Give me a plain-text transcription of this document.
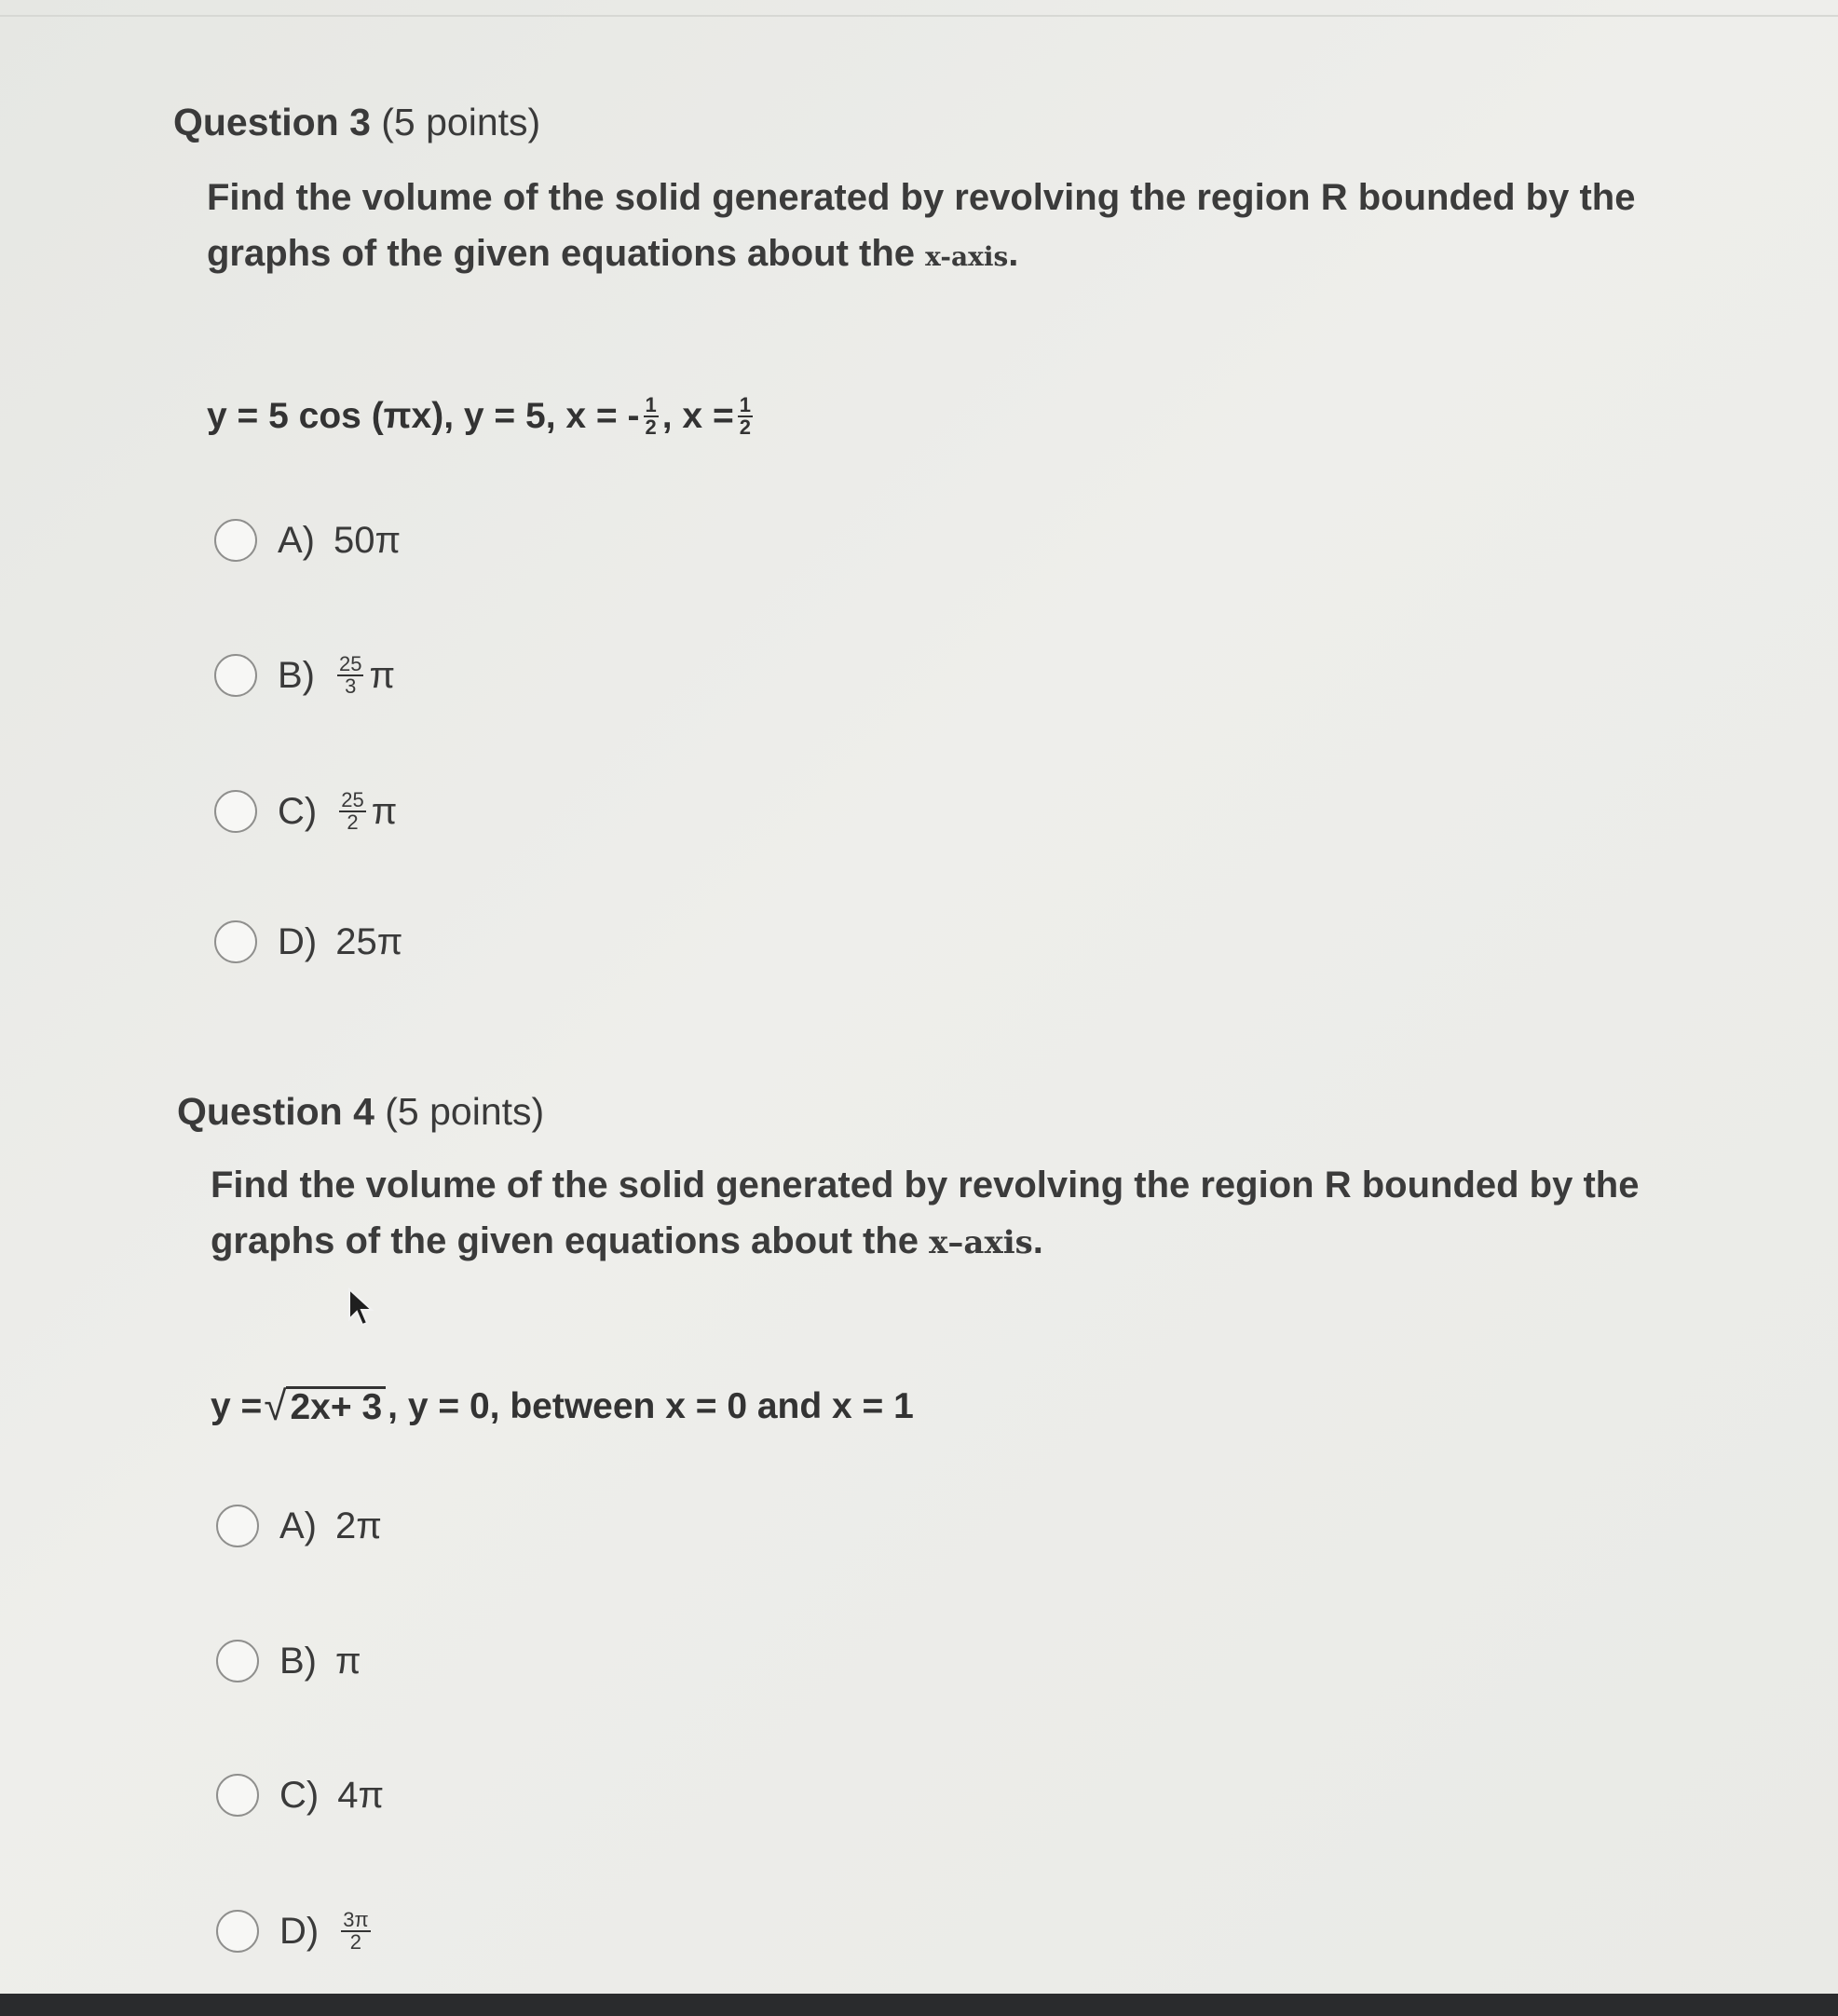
Question 3 (5 points)
Find the volume of the solid generated by revolving the region R bounded by the
graphs of the given equations about the x-axis.
y = 5 cos (πx), y = 5, x = - $\frac{1}{2}$ , $x = \frac{1}{2}$
A) 50π
$B) \frac{25}{3}$ π
$C) \frac{25}{2}$ π
D) 25π
Question 4 (5 points)
Find the volume of the solid generated by revolving the region R bounded by the
graphs of the given equations about the x–axis.
y = √ 2x+ 3 , y = 0, between x = 0 and x = 1
A) 2π
B) π
C) 4π
$D) \frac{3\pi}{2}$
